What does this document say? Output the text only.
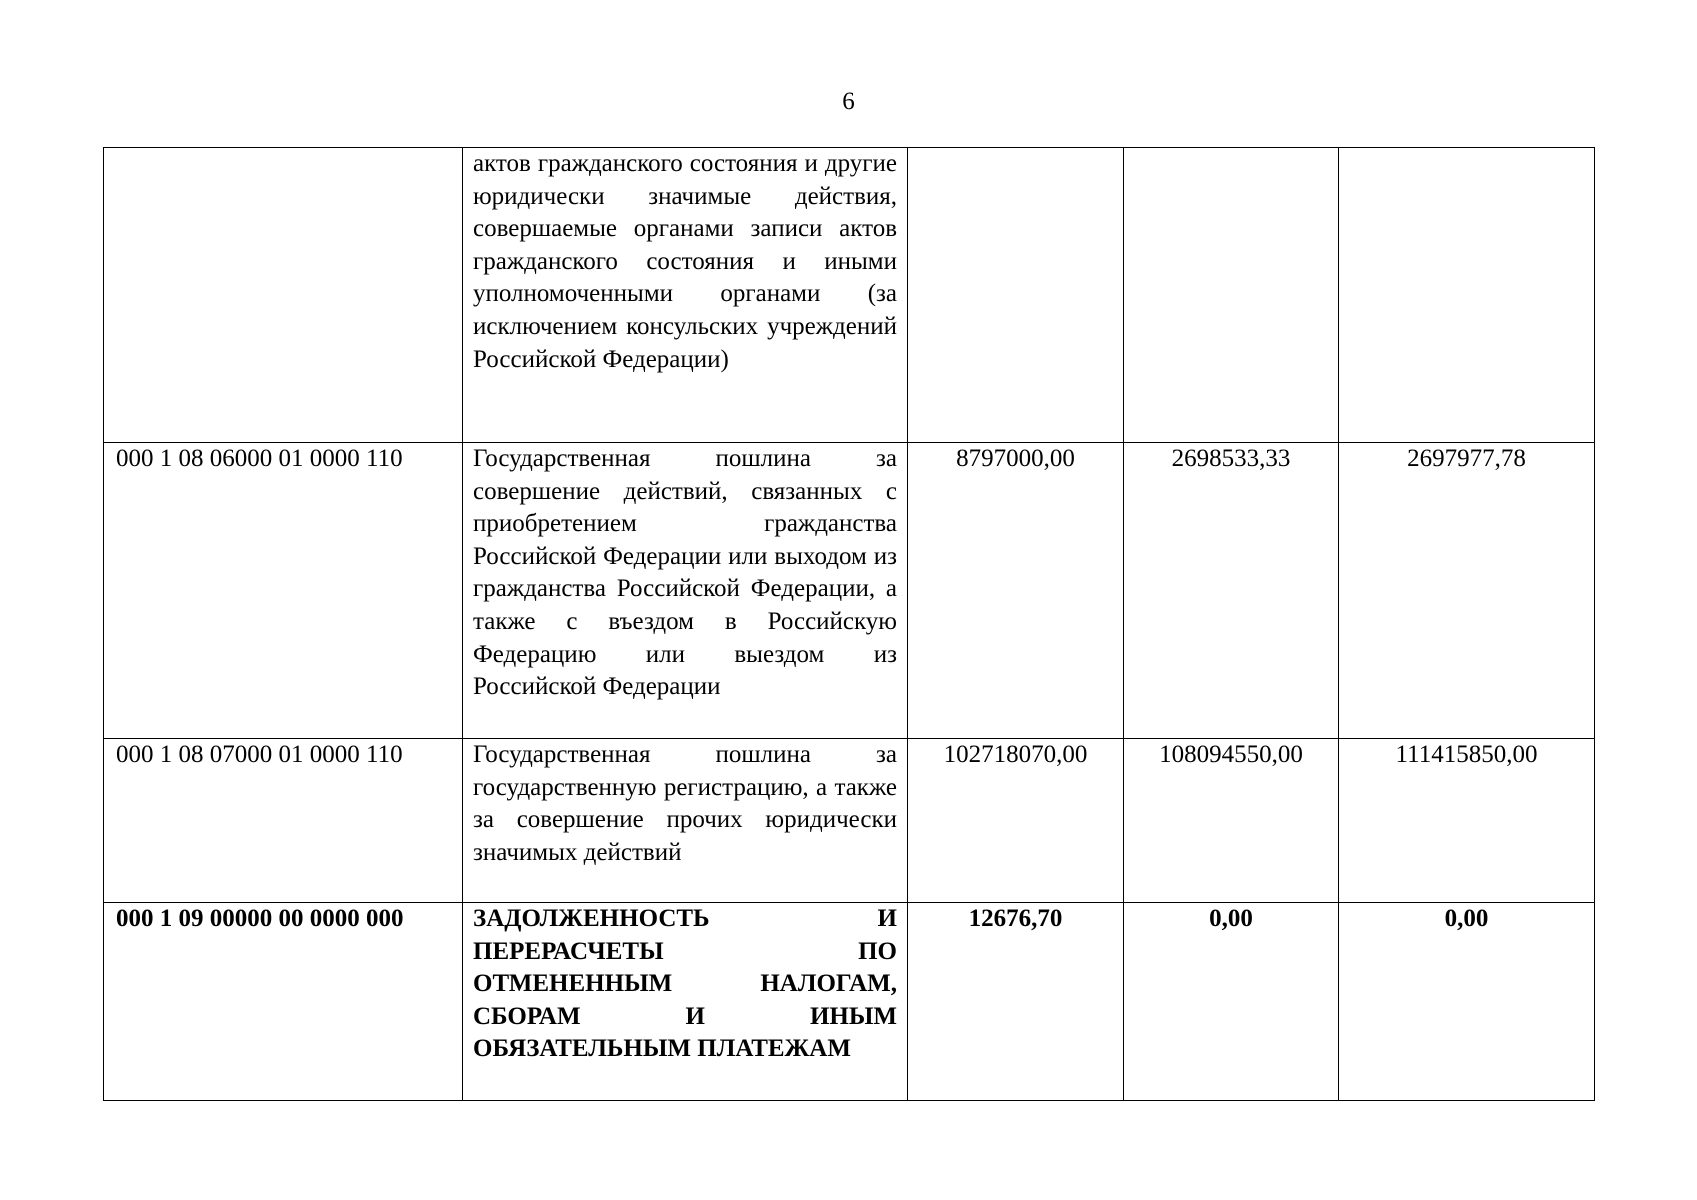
6
	актов гражданского состояния и другие юридически значимые действия, совершаемые органами записи актов гражданского состояния и иными уполномоченными органами (за исключением консульских учреждений Российской Федерации)			
000 1 08 06000 01 0000 110	Государственная пошлина за совершение действий, связанных с приобретением гражданства Российской Федерации или выходом из гражданства Российской Федерации, а также с въездом в Российскую Федерацию или выездом из Российской Федерации	8797000,00	2698533,33	2697977,78
000 1 08 07000 01 0000 110	Государственная пошлина за государственную регистрацию, а также за совершение прочих юридически значимых действий	102718070,00	108094550,00	111415850,00
000 1 09 00000 00 0000 000	ЗАДОЛЖЕННОСТЬ И ПЕРЕРАСЧЕТЫ ПО ОТМЕНЕННЫМ НАЛОГАМ, СБОРАМ И ИНЫМ ОБЯЗАТЕЛЬНЫМ ПЛАТЕЖАМ	12676,70	0,00	0,00
